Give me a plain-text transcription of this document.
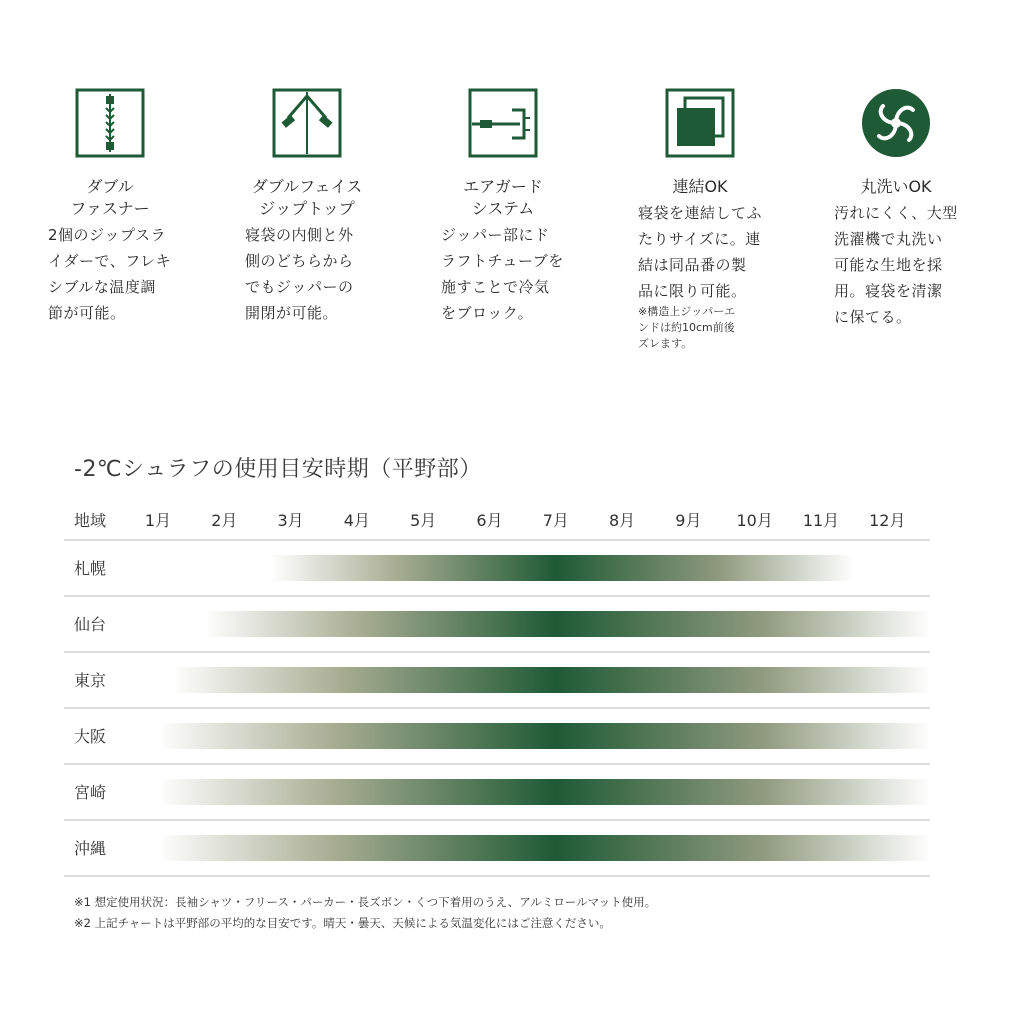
ダブル
ファスナー
2個のジップスラ
イダーで、フレキ
シブルな温度調
節が可能。
ダブルフェイス
ジップトップ
寝袋の内側と外
側のどちらから
でもジッパーの
開閉が可能。
エアガード
システム
ジッパー部にド
ラフトチューブを
施すことで冷気
をブロック。
連結OK
寝袋を連結してふ
たりサイズに。連
結は同品番の製
品に限り可能。
※構造上ジッパーエ
ンドは約10cm前後
ズレます。
丸洗いOK
汚れにくく、大型
洗濯機で丸洗い
可能な生地を採
用。寝袋を清潔
に保てる。
-2℃シュラフの使用目安時期（平野部）
地域 1月	2月	3月	4月	5月	6月	7月	8月	9月 10月 11月 12月
札幌
仙台
東京
大阪
宮崎
沖縄
※1 想定使用状況：長袖シャツ・フリース・パーカー・長ズボン・くつ下着用のうえ、アルミロールマット使用。
※2 上記チャートは平野部の平均的な目安です。晴天・曇天、天候による気温変化にはご注意ください。
